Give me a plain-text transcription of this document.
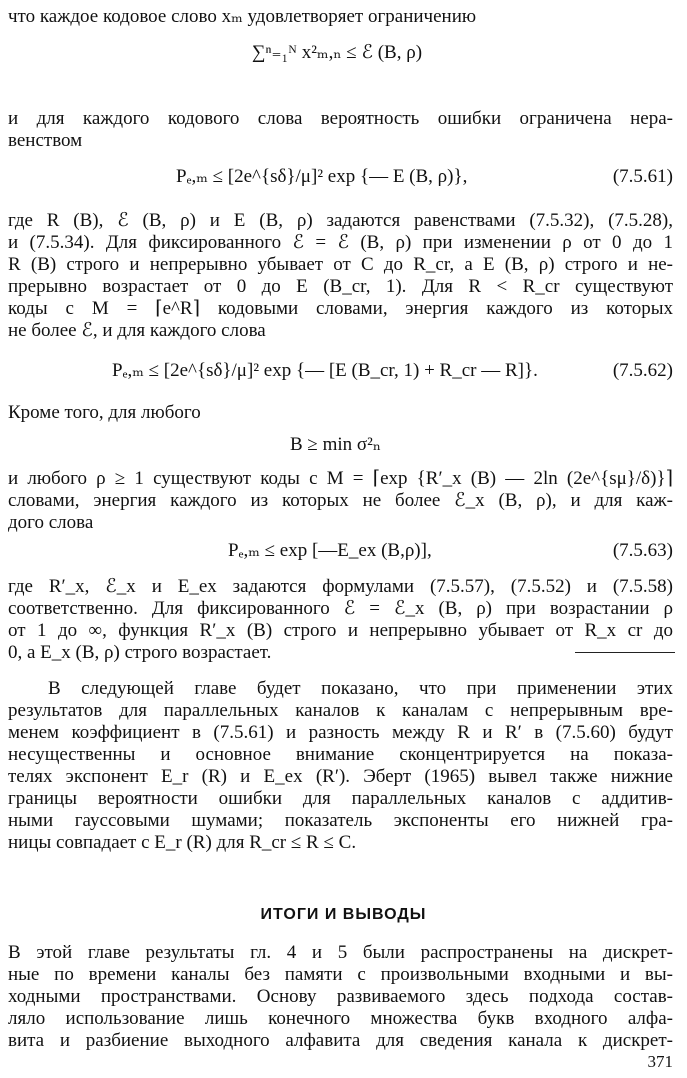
что каждое кодовое слово xₘ удовлетворяет ограничению
∑ⁿ₌₁ᴺ x²ₘ,ₙ ≤ ℰ (B, ρ)
и для каждого кодового слова вероятность ошибки ограничена нера-
венством
Pₑ,ₘ ≤ [2e^{sδ}/μ]² exp {— E (B, ρ)},	(7.5.61)
где R (B), ℰ (B, ρ) и E (B, ρ) задаются равенствами (7.5.32), (7.5.28),
и (7.5.34). Для фиксированного ℰ = ℰ (B, ρ) при изменении ρ от 0 до 1
R (B) строго и непрерывно убывает от C до R_cr, а E (B, ρ) строго и не-
прерывно возрастает от 0 до E (B_cr, 1). Для R < R_cr существуют
коды с M = ⌈e^R⌉ кодовыми словами, энергия каждого из которых
не более ℰ, и для каждого слова
Pₑ,ₘ ≤ [2e^{sδ}/μ]² exp {— [E (B_cr, 1) + R_cr — R]}.	(7.5.62)
Кроме того, для любого
B ≥ min σ²ₙ
и любого ρ ≥ 1 существуют коды с M = ⌈exp {R′_x (B) — 2ln (2e^{sμ}/δ)}⌉
словами, энергия каждого из которых не более ℰ_x (B, ρ), и для каж-
дого слова
Pₑ,ₘ ≤ exp [—E_ex (B,ρ)],	(7.5.63)
где R′_x, ℰ_x и E_ex задаются формулами (7.5.57), (7.5.52) и (7.5.58)
соответственно. Для фиксированного ℰ = ℰ_x (B, ρ) при возрастании ρ
от 1 до ∞, функция R′_x (B) строго и непрерывно убывает от R_x cr до
0, а E_x (B, ρ) строго возрастает.
В следующей главе будет показано, что при применении этих
результатов для параллельных каналов к каналам с непрерывным вре-
менем коэффициент в (7.5.61) и разность между R и R′ в (7.5.60) будут
несущественны и основное внимание сконцентрируется на показа-
телях экспонент E_r (R) и E_ex (R′). Эберт (1965) вывел также нижние
границы вероятности ошибки для параллельных каналов с аддитив-
ными гауссовыми шумами; показатель экспоненты его нижней гра-
ницы совпадает с E_r (R) для R_cr ≤ R ≤ C.
ИТОГИ И ВЫВОДЫ
В этой главе результаты гл. 4 и 5 были распространены на дискрет-
ные по времени каналы без памяти с произвольными входными и вы-
ходными пространствами. Основу развиваемого здесь подхода состав-
ляло использование лишь конечного множества букв входного алфа-
вита и разбиение выходного алфавита для сведения канала к дискрет-
371
